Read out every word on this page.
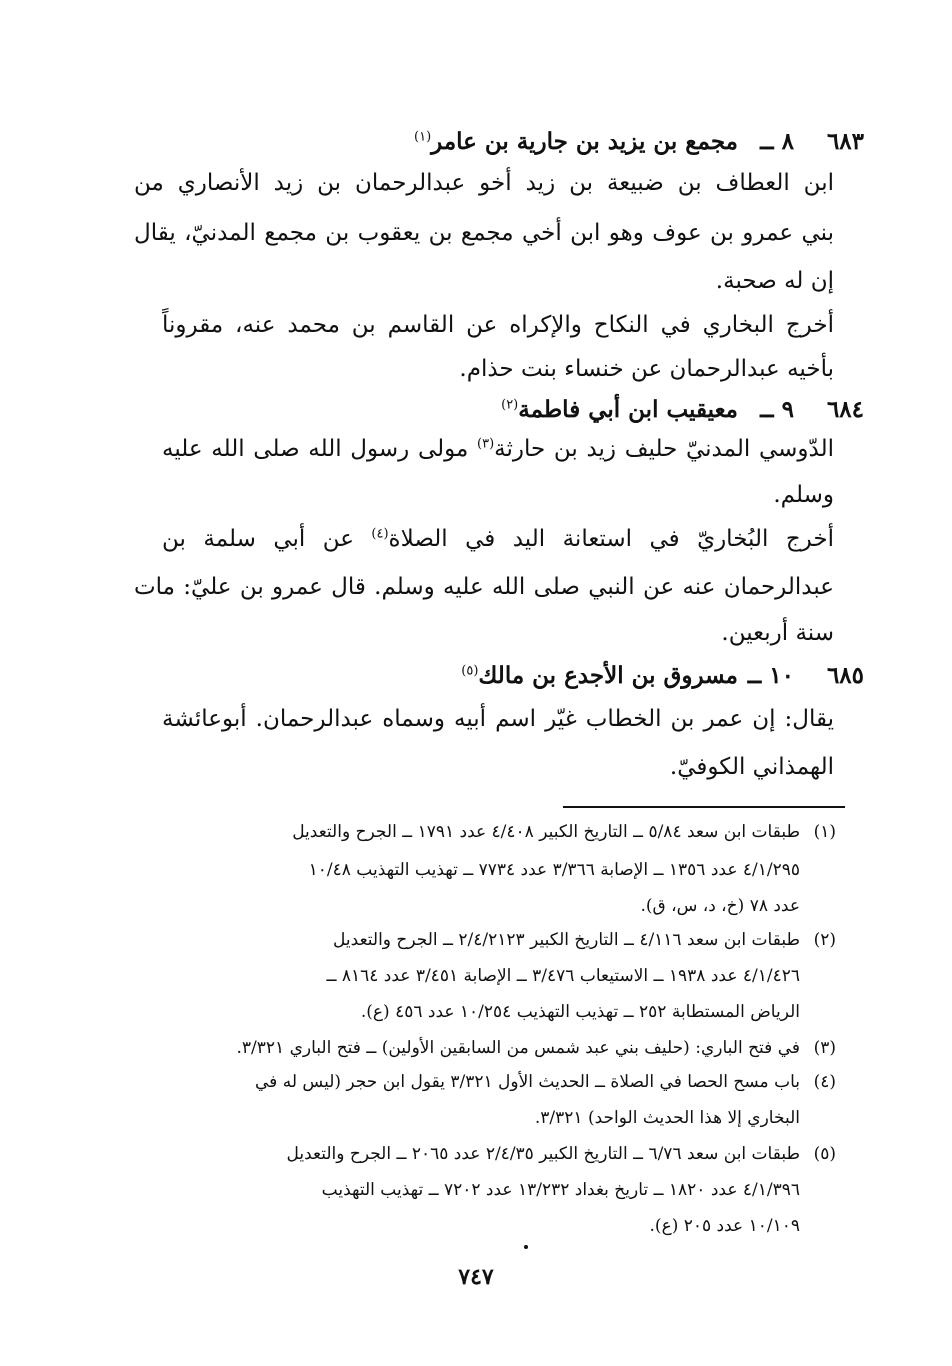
٦٨٣٨ ــمجمع بن يزيد بن جارية بن عامر$^{(١)}$
ابن العطاف بن ضبيعة بن زيد أخو عبدالرحمان بن زيد الأنصاري من
بني عمرو بن عوف وهو ابن أخي مجمع بن يعقوب بن مجمع المدنيّ، يقال
إن له صحبة.
أخرج البخاري في النكاح والإكراه عن القاسم بن محمد عنه، مقروناً
بأخيه عبدالرحمان عن خنساء بنت حذام.
٦٨٤٩ ــمعيقيب ابن أبي فاطمة$^{(٢)}$
الدّوسي المدنيّ حليف زيد بن حارثة$^{(٣)}$ مولى رسول الله صلى الله عليه
وسلم.
أخرج البُخاريّ في استعانة اليد في الصلاة$^{(٤)}$ عن أبي سلمة بن
عبدالرحمان عنه عن النبي صلى الله عليه وسلم. قال عمرو بن عليّ: مات
سنة أربعين.
٦٨٥١٠ ــمسروق بن الأجدع بن مالك$^{(٥)}$
يقال: إن عمر بن الخطاب غيّر اسم أبيه وسماه عبدالرحمان. أبوعائشة
الهمذاني الكوفيّ.
(١)طبقات ابن سعد ٥/٨٤ ــ التاريخ الكبير ٤/٤٠٨ عدد ١٧٩١ ــ الجرح والتعديل
٤/١/٢٩٥ عدد ١٣٥٦ ــ الإصابة ٣/٣٦٦ عدد ٧٧٣٤ ــ تهذيب التهذيب ١٠/٤٨
عدد ٧٨ (خ، د، س، ق).
(٢)طبقات ابن سعد ٤/١١٦ ــ التاريخ الكبير ٢/٤/٢١٢٣ ــ الجرح والتعديل
٤/١/٤٢٦ عدد ١٩٣٨ ــ الاستيعاب ٣/٤٧٦ ــ الإصابة ٣/٤٥١ عدد ٨١٦٤ ــ
الرياض المستطابة ٢٥٢ ــ تهذيب التهذيب ١٠/٢٥٤ عدد ٤٥٦ (ع).
(٣)في فتح الباري: (حليف بني عبد شمس من السابقين الأولين) ــ فتح الباري ٣/٣٢١.
(٤)باب مسح الحصا في الصلاة ــ الحديث الأول ٣/٣٢١ يقول ابن حجر (ليس له في
البخاري إلا هذا الحديث الواحد) ٣/٣٢١.
(٥)طبقات ابن سعد ٦/٧٦ ــ التاريخ الكبير ٢/٤/٣٥ عدد ٢٠٦٥ ــ الجرح والتعديل
٤/١/٣٩٦ عدد ١٨٢٠ ــ تاريخ بغداد ١٣/٢٣٢ عدد ٧٢٠٢ ــ تهذيب التهذيب
١٠/١٠٩ عدد ٢٠٥ (ع).
٧٤٧
